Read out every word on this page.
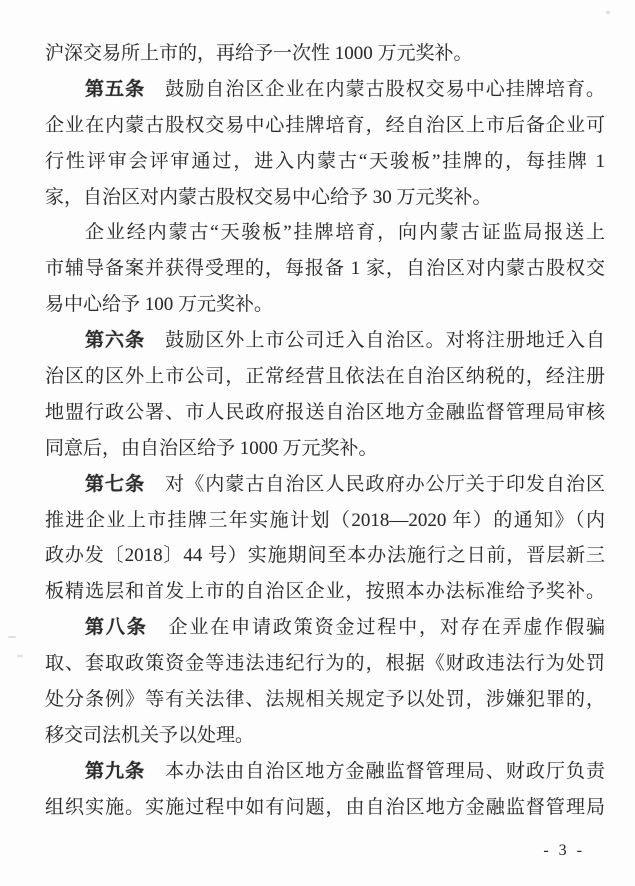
沪深交易所上市的，再给予一次性 1000 万元奖补。
第五条 鼓励自治区企业在内蒙古股权交易中心挂牌培育。
企业在内蒙古股权交易中心挂牌培育，经自治区上市后备企业可
行性评审会评审通过，进入内蒙古“天骏板”挂牌的，每挂牌 1
家，自治区对内蒙古股权交易中心给予 30 万元奖补。
企业经内蒙古“天骏板”挂牌培育，向内蒙古证监局报送上
市辅导备案并获得受理的，每报备 1 家，自治区对内蒙古股权交
易中心给予 100 万元奖补。
第六条 鼓励区外上市公司迁入自治区。对将注册地迁入自
治区的区外上市公司，正常经营且依法在自治区纳税的，经注册
地盟行政公署、市人民政府报送自治区地方金融监督管理局审核
同意后，由自治区给予 1000 万元奖补。
第七条 对《内蒙古自治区人民政府办公厅关于印发自治区
推进企业上市挂牌三年实施计划（2018—2020 年）的通知》（内
政办发〔2018〕44 号）实施期间至本办法施行之日前，晋层新三
板精选层和首发上市的自治区企业，按照本办法标准给予奖补。
第八条 企业在申请政策资金过程中，对存在弄虚作假骗
取、套取政策资金等违法违纪行为的，根据《财政违法行为处罚
处分条例》等有关法律、法规相关规定予以处罚，涉嫌犯罪的，
移交司法机关予以处理。
第九条 本办法由自治区地方金融监督管理局、财政厅负责
组织实施。实施过程中如有问题，由自治区地方金融监督管理局
- 3 -
